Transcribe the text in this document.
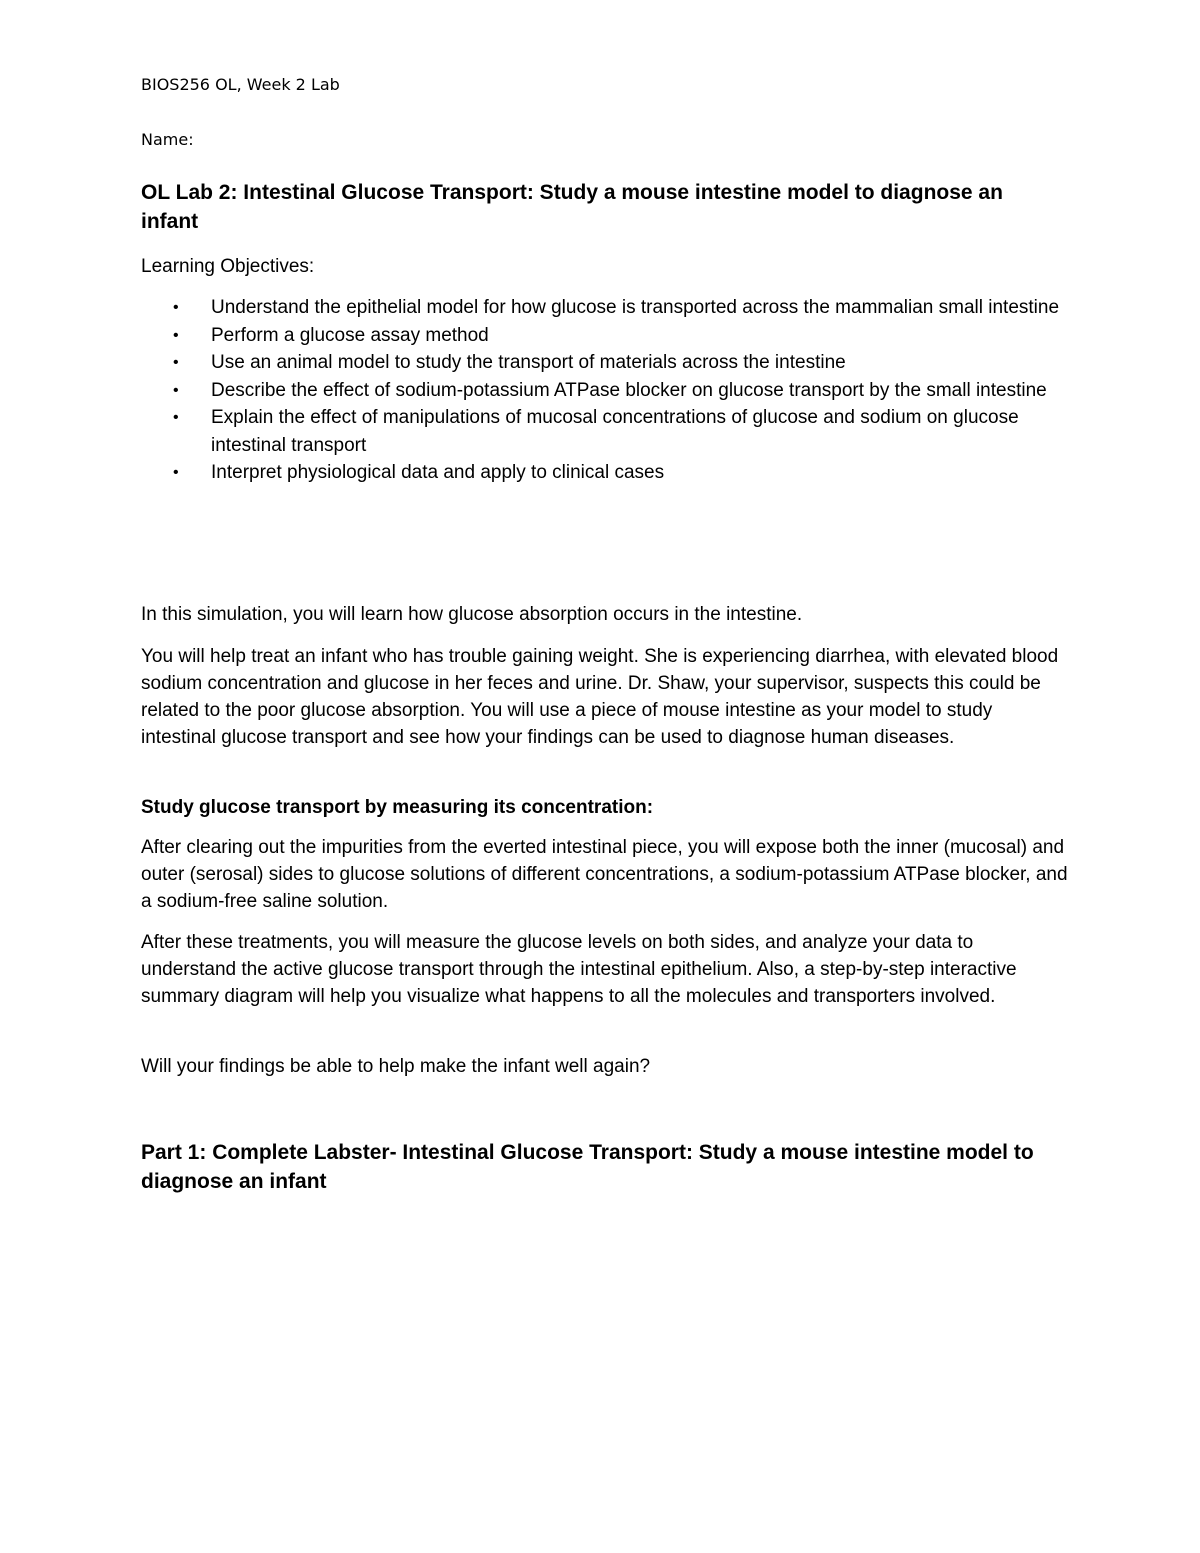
BIOS256 OL, Week 2 Lab
Name:
OL Lab 2: Intestinal Glucose Transport: Study a mouse intestine model to diagnose an infant
Learning Objectives:
• Understand the epithelial model for how glucose is transported across the mammalian small intestine
• Perform a glucose assay method
• Use an animal model to study the transport of materials across the intestine
• Describe the effect of sodium-potassium ATPase blocker on glucose transport by the small intestine
• Explain the effect of manipulations of mucosal concentrations of glucose and sodium on glucose intestinal transport
• Interpret physiological data and apply to clinical cases

In this simulation, you will learn how glucose absorption occurs in the intestine.

You will help treat an infant who has trouble gaining weight. She is experiencing diarrhea, with elevated blood sodium concentration and glucose in her feces and urine. Dr. Shaw, your supervisor, suspects this could be related to the poor glucose absorption. You will use a piece of mouse intestine as your model to study intestinal glucose transport and see how your findings can be used to diagnose human diseases.

Study glucose transport by measuring its concentration:

After clearing out the impurities from the everted intestinal piece, you will expose both the inner (mucosal) and outer (serosal) sides to glucose solutions of different concentrations, a sodium-potassium ATPase blocker, and a sodium-free saline solution.

After these treatments, you will measure the glucose levels on both sides, and analyze your data to understand the active glucose transport through the intestinal epithelium. Also, a step-by-step interactive summary diagram will help you visualize what happens to all the molecules and transporters involved.

Will your findings be able to help make the infant well again?

Part 1: Complete Labster- Intestinal Glucose Transport: Study a mouse intestine model to diagnose an infant
